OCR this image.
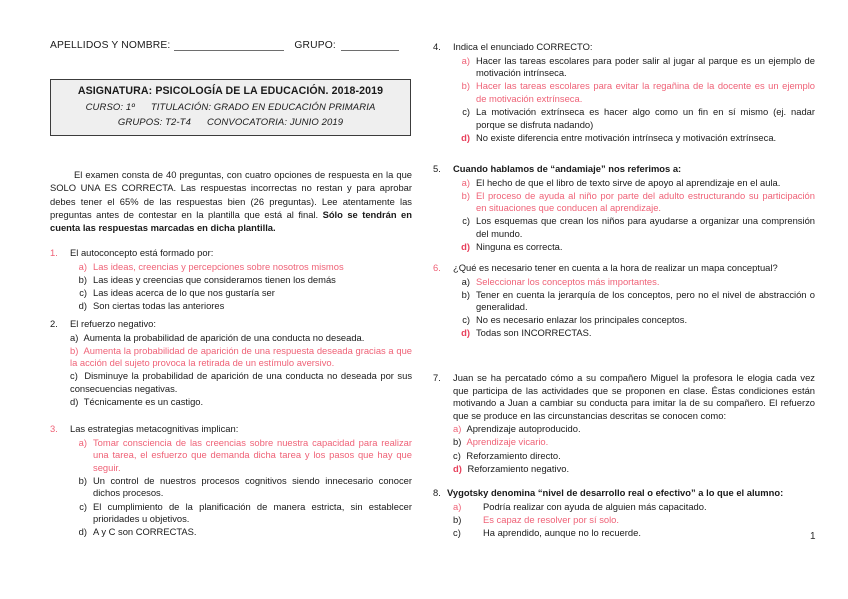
APELLIDOS Y NOMBRE:	GRUPO:
ASIGNATURA: PSICOLOGÍA DE LA EDUCACIÓN. 2018-2019
CURSO: 1º TITULACIÓN: GRADO EN EDUCACIÓN PRIMARIA
GRUPOS: T2-T4 CONVOCATORIA: JUNIO 2019
El examen consta de 40 preguntas, con cuatro opciones de respuesta en la que SOLO UNA ES CORRECTA. Las respuestas incorrectas no restan y para aprobar debes tener el 65% de las respuestas bien (26 preguntas). Lee atentamente las preguntas antes de contestar en la plantilla que está al final. Sólo se tendrán en cuenta las respuestas marcadas en dicha plantilla.
1.	El autoconcepto está formado por:
a) Las ideas, creencias y percepciones sobre nosotros mismos
b) Las ideas y creencias que consideramos tienen los demás
c) Las ideas acerca de lo que nos gustaría ser
d) Son ciertas todas las anteriores
2.	El refuerzo negativo:
a) Aumenta la probabilidad de aparición de una conducta no deseada.
b) Aumenta la probabilidad de aparición de una respuesta deseada gracias a que la acción del sujeto provoca la retirada de un estímulo aversivo.
c) Disminuye la probabilidad de aparición de una conducta no deseada por sus consecuencias negativas.
d) Técnicamente es un castigo.
3.	Las estrategias metacognitivas implican:
a) Tomar consciencia de las creencias sobre nuestra capacidad para realizar una tarea, el esfuerzo que demanda dicha tarea y los pasos que hay que seguir.
b) Un control de nuestros procesos cognitivos siendo innecesario conocer dichos procesos.
c) El cumplimiento de la planificación de manera estricta, sin establecer prioridades u objetivos.
d) A y C son CORRECTAS.
4.	Indica el enunciado CORRECTO:
a) Hacer las tareas escolares para poder salir al jugar al parque es un ejemplo de motivación intrínseca.
b) Hacer las tareas escolares para evitar la regañina de la docente es un ejemplo de motivación extrínseca.
c) La motivación extrínseca es hacer algo como un fin en sí mismo (ej. nadar porque se disfruta nadando)
d) No existe diferencia entre motivación intrínseca y motivación extrínseca.
5.	Cuando hablamos de “andamiaje” nos referimos a:
a) El hecho de que el libro de texto sirve de apoyo al aprendizaje en el aula.
b) El proceso de ayuda al niño por parte del adulto estructurando su participación en situaciones que conducen al aprendizaje.
c) Los esquemas que crean los niños para ayudarse a organizar una comprensión del mundo.
d) Ninguna es correcta.
6.	¿Qué es necesario tener en cuenta a la hora de realizar un mapa conceptual?
a) Seleccionar los conceptos más importantes.
b) Tener en cuenta la jerarquía de los conceptos, pero no el nivel de abstracción o generalidad.
c) No es necesario enlazar los principales conceptos.
d) Todas son INCORRECTAS.
7.	Juan se ha percatado cómo a su compañero Miguel la profesora le elogia cada vez que participa de las actividades que se proponen en clase. Éstas condiciones están motivando a Juan a cambiar su conducta para imitar la de su compañero. El refuerzo que se produce en las circunstancias descritas se conocen como:
a) Aprendizaje autoproducido.
b) Aprendizaje vicario.
c) Reforzamiento directo.
d) Reforzamiento negativo.
8. Vygotsky denomina “nivel de desarrollo real o efectivo” a lo que el alumno:
a)	Podría realizar con ayuda de alguien más capacitado.
b)	Es capaz de resolver por sí solo.
c)	Ha aprendido, aunque no lo recuerde.	1
